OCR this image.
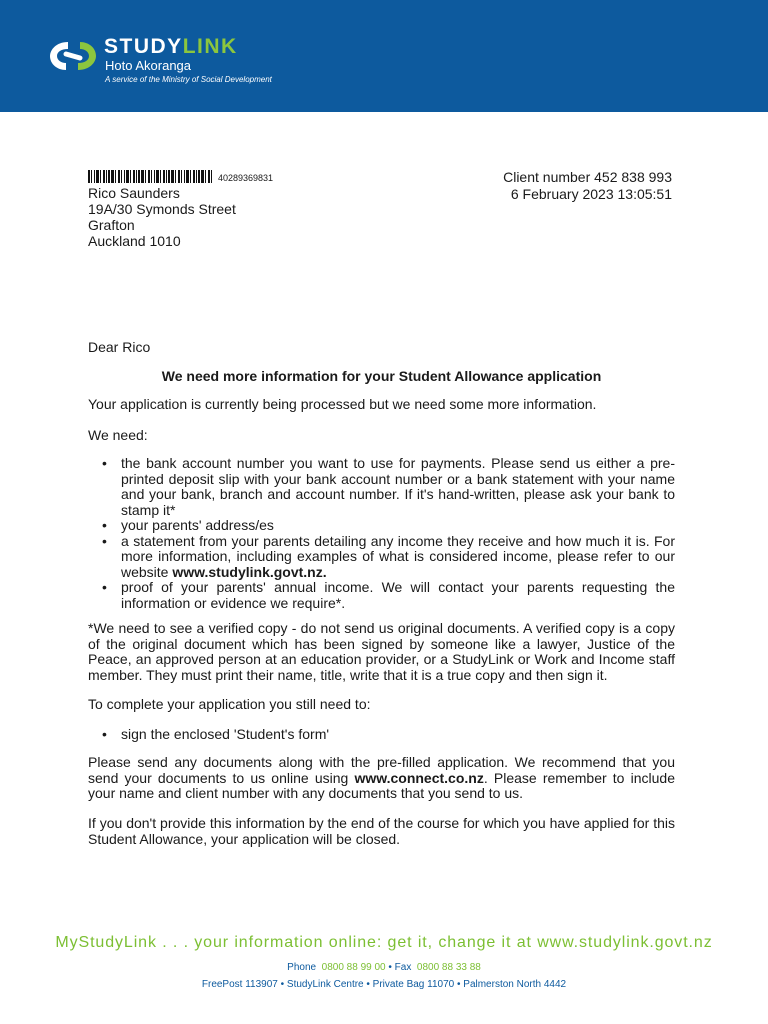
STUDYLINK
Hoto Akoranga
A service of the Ministry of Social Development
40289369831
Rico Saunders
19A/30 Symonds Street
Grafton
Auckland 1010
Client number 452 838 993
6 February 2023 13:05:51
Dear Rico
We need more information for your Student Allowance application
Your application is currently being processed but we need some more information.
We need:
• the bank account number you want to use for payments. Please send us either a pre-printed deposit slip with your bank account number or a bank statement with your name and your bank, branch and account number. If it's hand-written, please ask your bank to stamp it*
• your parents' address/es
• a statement from your parents detailing any income they receive and how much it is. For more information, including examples of what is considered income, please refer to our website www.studylink.govt.nz.
• proof of your parents' annual income. We will contact your parents requesting the information or evidence we require*.
*We need to see a verified copy - do not send us original documents. A verified copy is a copy of the original document which has been signed by someone like a lawyer, Justice of the Peace, an approved person at an education provider, or a StudyLink or Work and Income staff member. They must print their name, title, write that it is a true copy and then sign it.
To complete your application you still need to:
• sign the enclosed 'Student's form'
Please send any documents along with the pre-filled application. We recommend that you send your documents to us online using www.connect.co.nz. Please remember to include your name and client number with any documents that you send to us.
If you don't provide this information by the end of the course for which you have applied for this Student Allowance, your application will be closed.
MyStudyLink . . . your information online: get it, change it at www.studylink.govt.nz
Phone 0800 88 99 00 • Fax 0800 88 33 88
FreePost 113907 • StudyLink Centre • Private Bag 11070 • Palmerston North 4442
